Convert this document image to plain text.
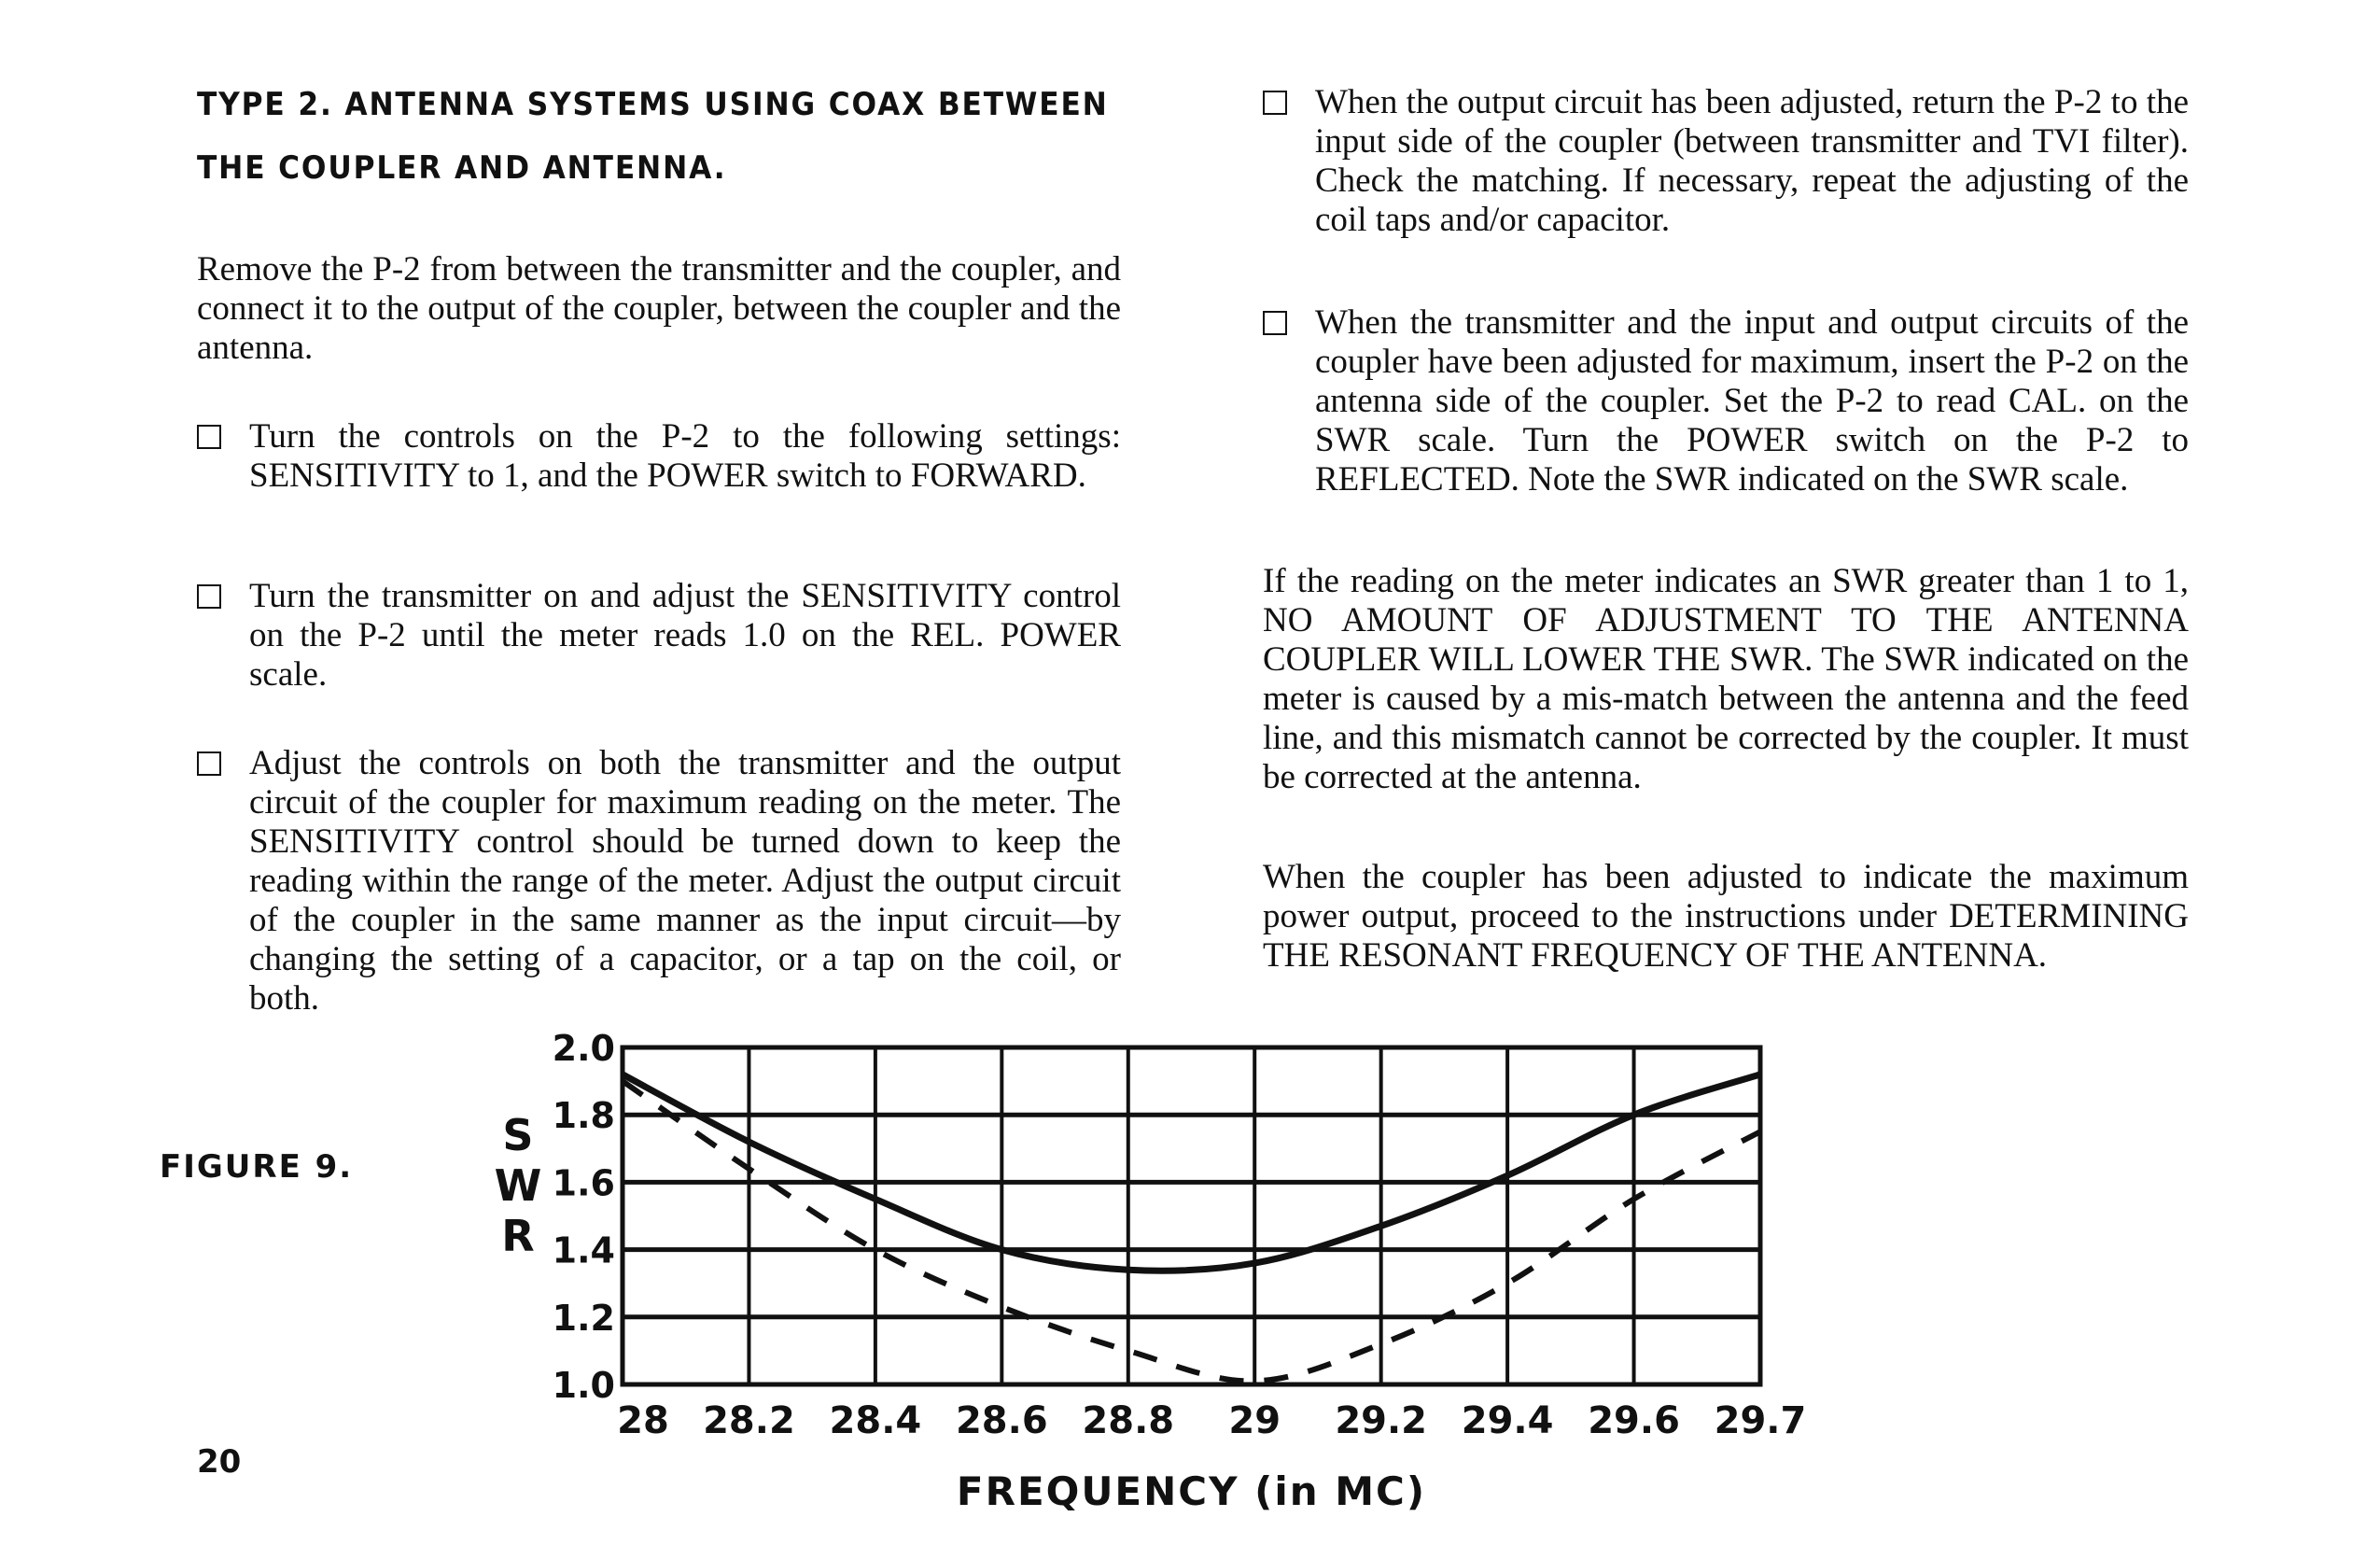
TYPE 2. ANTENNA SYSTEMS USING COAX BETWEEN
THE COUPLER AND ANTENNA.
Remove the P-2 from between the transmitter and the coupler, and connect it to the output of the coupler, between the coupler and the antenna.
Turn the controls on the P-2 to the following settings: SENSITIVITY to 1, and the POWER switch to FORWARD.
Turn the transmitter on and adjust the SENSITIVITY control on the P-2 until the meter reads 1.0 on the REL. POWER scale.
Adjust the controls on both the transmitter and the output circuit of the coupler for maximum reading on the meter. The SENSITIVITY control should be turned down to keep the reading within the range of the meter. Adjust the output circuit of the coupler in the same manner as the input circuit—by changing the setting of a capacitor, or a tap on the coil, or both.
When the output circuit has been adjusted, return the P-2 to the input side of the coupler (between transmitter and TVI filter). Check the matching. If necessary, repeat the adjusting of the coil taps and/or capacitor.
When the transmitter and the input and output circuits of the coupler have been adjusted for maximum, insert the P-2 on the antenna side of the coupler. Set the P-2 to read CAL. on the SWR scale. Turn the POWER switch on the P-2 to REFLECTED. Note the SWR indicated on the SWR scale.
If the reading on the meter indicates an SWR greater than 1 to 1, NO AMOUNT OF ADJUSTMENT TO THE ANTENNA COUPLER WILL LOWER THE SWR. The SWR indicated on the meter is caused by a mis-match between the antenna and the feed line, and this mismatch cannot be corrected by the coupler. It must be corrected at the antenna.
When the coupler has been adjusted to indicate the maximum power output, proceed to the instructions under DETERMINING THE RESONANT FREQUENCY OF THE ANTENNA.
FIGURE 9.
20
1.0
1.2
1.4
1.6
1.8
2.0
28 28.2 28.4 28.6 28.8 29 29.2 29.4 29.6 29.7
S
W
R
FREQUENCY (in MC)
